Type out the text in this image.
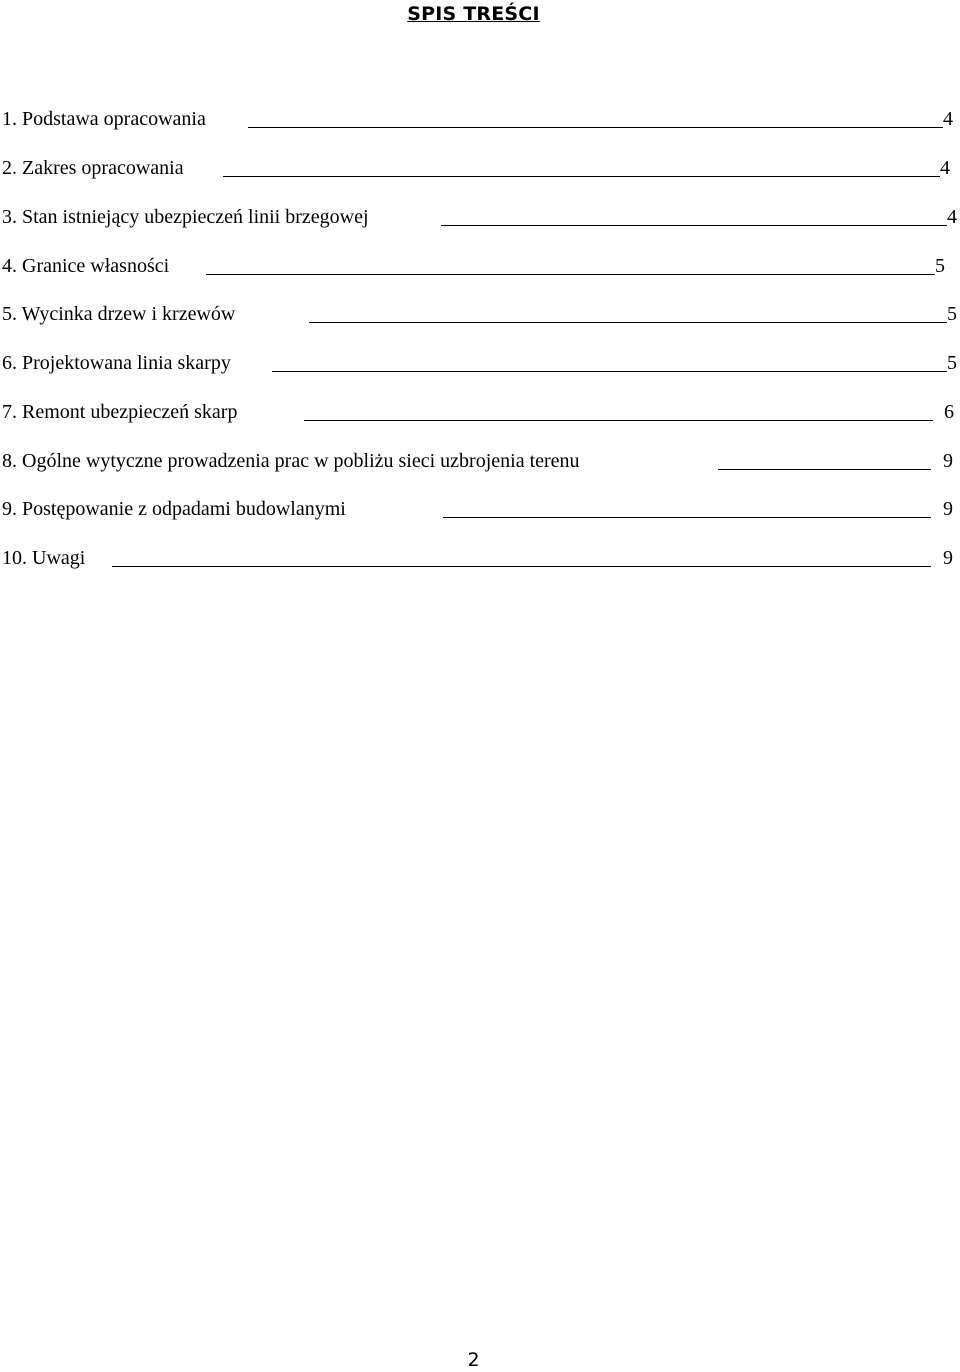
SPIS TREŚCI
1. Podstawa opracowania	4
2. Zakres opracowania	4
3. Stan istniejący ubezpieczeń linii brzegowej	4
4. Granice własności	5
5. Wycinka drzew i krzewów	5
6. Projektowana linia skarpy	5
7. Remont ubezpieczeń skarp	6
8. Ogólne wytyczne prowadzenia prac w pobliżu sieci uzbrojenia terenu	9
9. Postępowanie z odpadami budowlanymi	9
10. Uwagi	9
2
